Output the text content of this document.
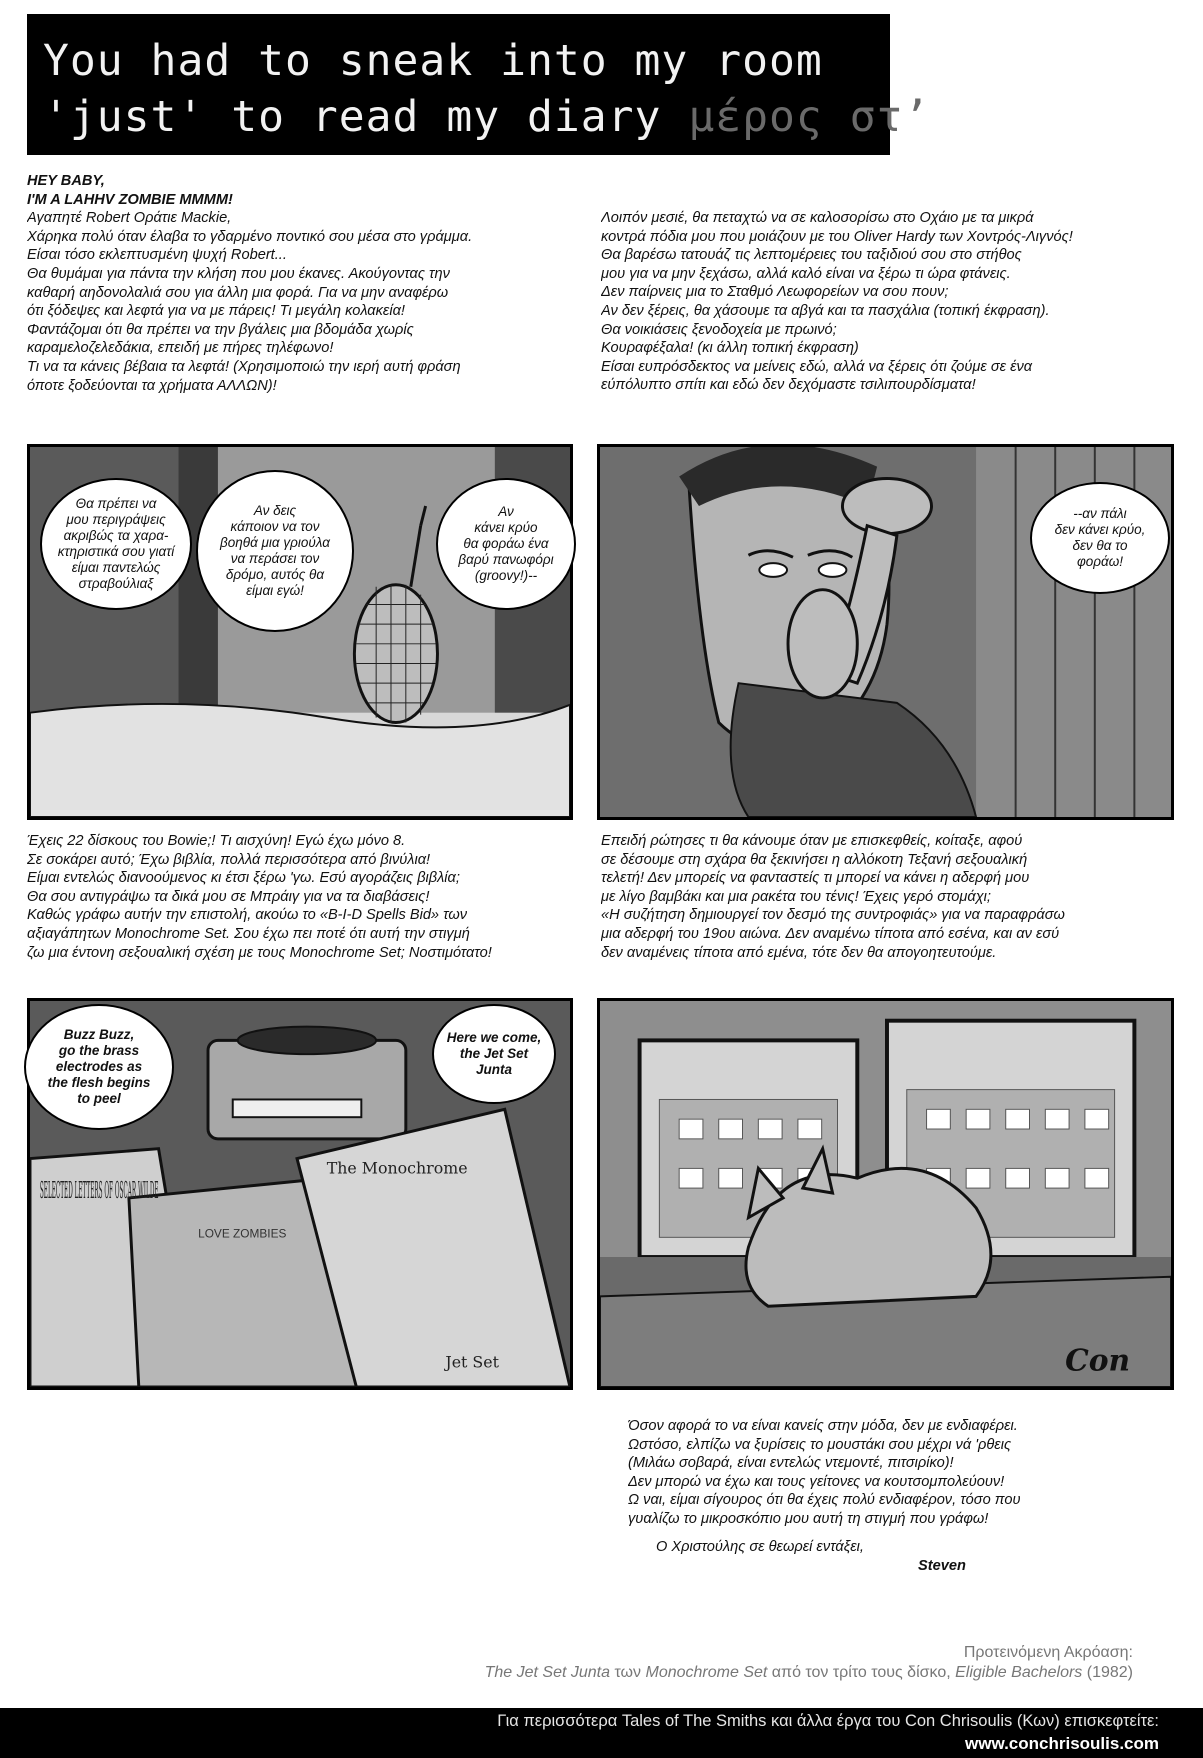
You had to sneak into my room
'just' to read my diary μέρος στ’

HEY BABY,

I'M A LAHHV ZOMBIE MMMM!

Αγαπητέ Robert Οράτιε Mackie,

Χάρηκα πολύ όταν έλαβα το γδαρμένο ποντικό σου μέσα στο γράμμα.

Είσαι τόσο εκλεπτυσμένη ψυχή Robert...

Θα θυμάμαι για πάντα την κλήση που μου έκανες. Ακούγοντας την

καθαρή αηδονολαλιά σου για άλλη μια φορά. Για να μην αναφέρω

ότι ξόδεψες και λεφτά για να με πάρεις! Τι μεγάλη κολακεία!

Φαντάζομαι ότι θα πρέπει να την βγάλεις μια βδομάδα χωρίς

καραμελοζελεδάκια, επειδή με πήρες τηλέφωνο!

Τι να τα κάνεις βέβαια τα λεφτά! (Χρησιμοποιώ την ιερή αυτή φράση

όποτε ξοδεύονται τα χρήματα ΑΛΛΩΝ)!

Λοιπόν μεσιέ, θα πεταχτώ να σε καλοσορίσω στο Οχάιο με τα μικρά

κοντρά πόδια μου που μοιάζουν με του Oliver Hardy των Χοντρός-Λιγνός!

Θα βαρέσω τατουάζ τις λεπτομέρειες του ταξιδιού σου στο στήθος

μου για να μην ξεχάσω, αλλά καλό είναι να ξέρω τι ώρα φτάνεις.

Δεν παίρνεις μια το Σταθμό Λεωφορείων να σου πουν;

Αν δεν ξέρεις, θα χάσουμε τα αβγά και τα πασχάλια (τοπική έκφραση).

Θα νοικιάσεις ξενοδοχεία με πρωινό;

Κουραφέξαλα! (κι άλλη τοπική έκφραση)

Είσαι ευπρόσδεκτος να μείνεις εδώ, αλλά να ξέρεις ότι ζούμε σε ένα

εύπόλυπτο σπίτι και εδώ δεν δεχόμαστε τσιλιπουρδίσματα!

Θα πρέπει να
μου περιγράψεις
ακριβώς τα χαρα-
κτηριστικά σου γιατί
είμαι παντελώς
στραβούλιαξ
Αν δεις
κάποιον να τον
βοηθά μια γριούλα
να περάσει τον
δρόμο, αυτός θα
είμαι εγώ!
Αν
κάνει κρύο
θα φοράω ένα
βαρύ πανωφόρι
(groovy!)--
--αν πάλι
δεν κάνει κρύο,
δεν θα το
φοράω!

Έχεις 22 δίσκους του Bowie;! Τι αισχύνη! Εγώ έχω μόνο 8.

Σε σοκάρει αυτό; Έχω βιβλία, πολλά περισσότερα από βινύλια!

Είμαι εντελώς διανοούμενος κι έτσι ξέρω 'γω. Εσύ αγοράζεις βιβλία;

Θα σου αντιγράψω τα δικά μου σε Μπράιγ για να τα διαβάσεις!

Καθώς γράφω αυτήν την επιστολή, ακούω το «B-I-D Spells Bid» των

αξιαγάπητων Monochrome Set. Σου έχω πει ποτέ ότι αυτή την στιγμή

ζω μια έντονη σεξουαλική σχέση με τους Monochrome Set; Νοστιμότατο!

Επειδή ρώτησες τι θα κάνουμε όταν με επισκεφθείς, κοίταξε, αφού

σε δέσουμε στη σχάρα θα ξεκινήσει η αλλόκοτη Τεξανή σεξουαλική

τελετή! Δεν μπορείς να φανταστείς τι μπορεί να κάνει η αδερφή μου

με λίγο βαμβάκι και μια ρακέτα του τένις! Έχεις γερό στομάχι;

«Η συζήτηση δημιουργεί τον δεσμό της συντροφιάς» για να παραφράσω

μια αδερφή του 19ου αιώνα. Δεν αναμένω τίποτα από εσένα, και αν εσύ

δεν αναμένεις τίποτα από εμένα, τότε δεν θα απογοητευτούμε.

SELECTED LETTERS OF OSCAR WILDE
LOVE ZOMBIES
The Monochrome
Jet Set
Buzz Buzz,
go the brass
electrodes as
the flesh begins
to peel
Here we come,
the Jet Set
Junta
Con

Όσον αφορά το να είναι κανείς στην μόδα, δεν με ενδιαφέρει.

Ωστόσο, ελπίζω να ξυρίσεις το μουστάκι σου μέχρι νά 'ρθεις

(Μιλάω σοβαρά, είναι εντελώς ντεμοντέ, πιτσιρίκο)!

Δεν μπορώ να έχω και τους γείτονες να κουτσομπολεύουν!

Ω ναι, είμαι σίγουρος ότι θα έχεις πολύ ενδιαφέρον, τόσο που

γυαλίζω το μικροσκόπιο μου αυτή τη στιγμή που γράφω!

Ο Χριστούλης σε θεωρεί εντάξει,

Steven

Προτεινόμενη Ακρόαση:
The Jet Set Junta των Monochrome Set από τον τρίτο τους δίσκο, Eligible Bachelors (1982)
Για περισσότερα Tales of The Smiths και άλλα έργα του Con Chrisoulis (Κων) επισκεφτείτε:
www.conchrisoulis.com
